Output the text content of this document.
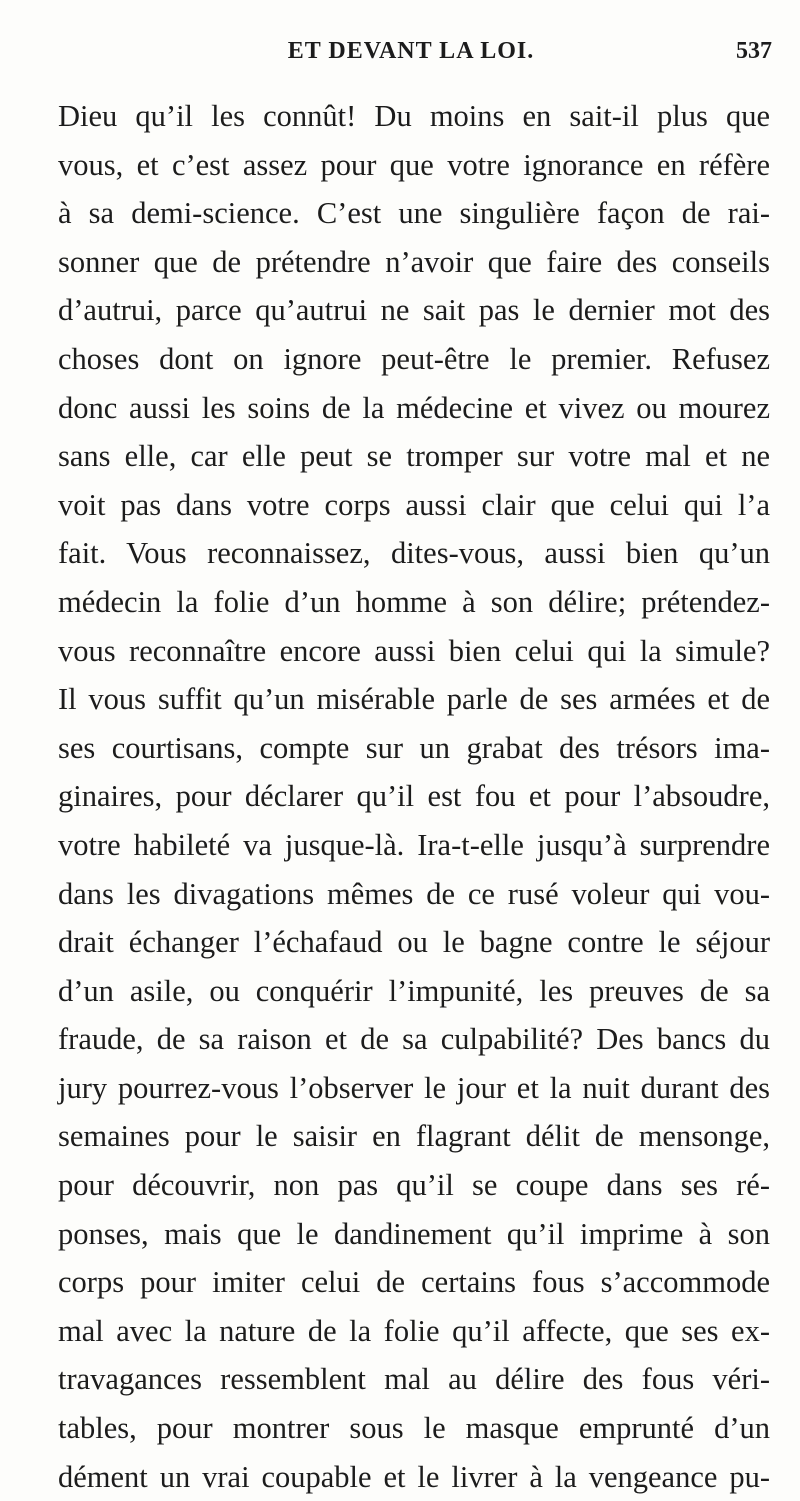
ET DEVANT LA LOI.	537
Dieu qu’il les connût! Du moins en sait-il plus que
vous, et c’est assez pour que votre ignorance en réfère
à sa demi-science. C’est une singulière façon de rai-
sonner que de prétendre n’avoir que faire des conseils
d’autrui, parce qu’autrui ne sait pas le dernier mot des
choses dont on ignore peut-être le premier. Refusez
donc aussi les soins de la médecine et vivez ou mourez
sans elle, car elle peut se tromper sur votre mal et ne
voit pas dans votre corps aussi clair que celui qui l’a
fait. Vous reconnaissez, dites-vous, aussi bien qu’un
médecin la folie d’un homme à son délire; prétendez-
vous reconnaître encore aussi bien celui qui la simule?
Il vous suffit qu’un misérable parle de ses armées et de
ses courtisans, compte sur un grabat des trésors ima-
ginaires, pour déclarer qu’il est fou et pour l’absoudre,
votre habileté va jusque-là. Ira-t-elle jusqu’à surprendre
dans les divagations mêmes de ce rusé voleur qui vou-
drait échanger l’échafaud ou le bagne contre le séjour
d’un asile, ou conquérir l’impunité, les preuves de sa
fraude, de sa raison et de sa culpabilité? Des bancs du
jury pourrez-vous l’observer le jour et la nuit durant des
semaines pour le saisir en flagrant délit de mensonge,
pour découvrir, non pas qu’il se coupe dans ses ré-
ponses, mais que le dandinement qu’il imprime à son
corps pour imiter celui de certains fous s’accommode
mal avec la nature de la folie qu’il affecte, que ses ex-
travagances ressemblent mal au délire des fous véri-
tables, pour montrer sous le masque emprunté d’un
dément un vrai coupable et le livrer à la vengeance pu-
